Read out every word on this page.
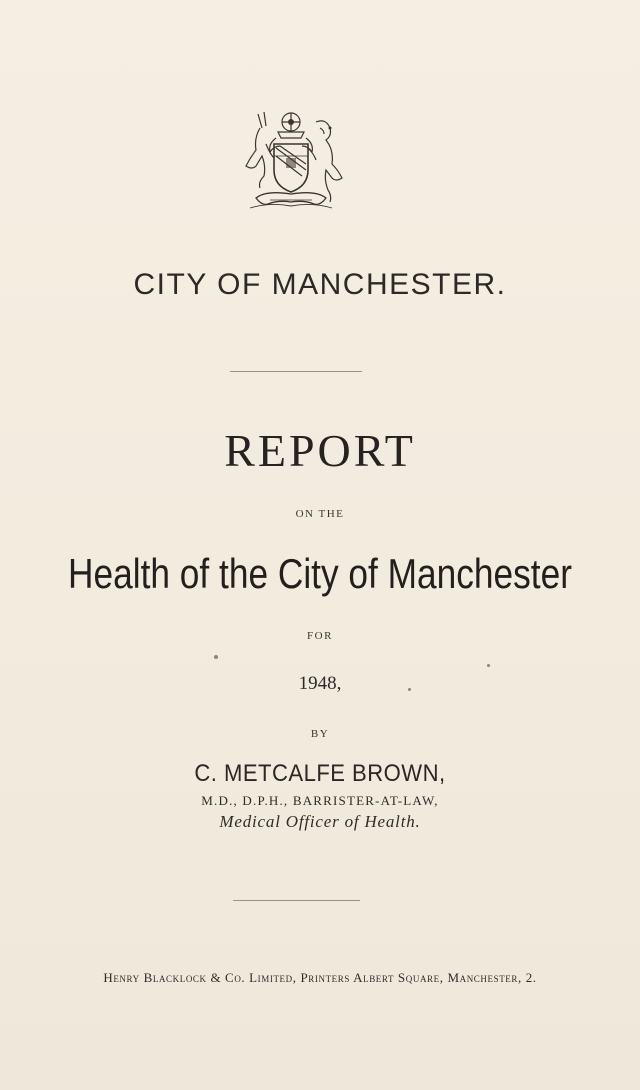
CITY OF MANCHESTER.
REPORT
ON THE
Health of the City of Manchester
FOR
1948,
BY
C. METCALFE BROWN,
M.D., D.P.H., BARRISTER-AT-LAW,
Medical Officer of Health.
Henry Blacklock & Co. Limited, Printers Albert Square, Manchester, 2.
